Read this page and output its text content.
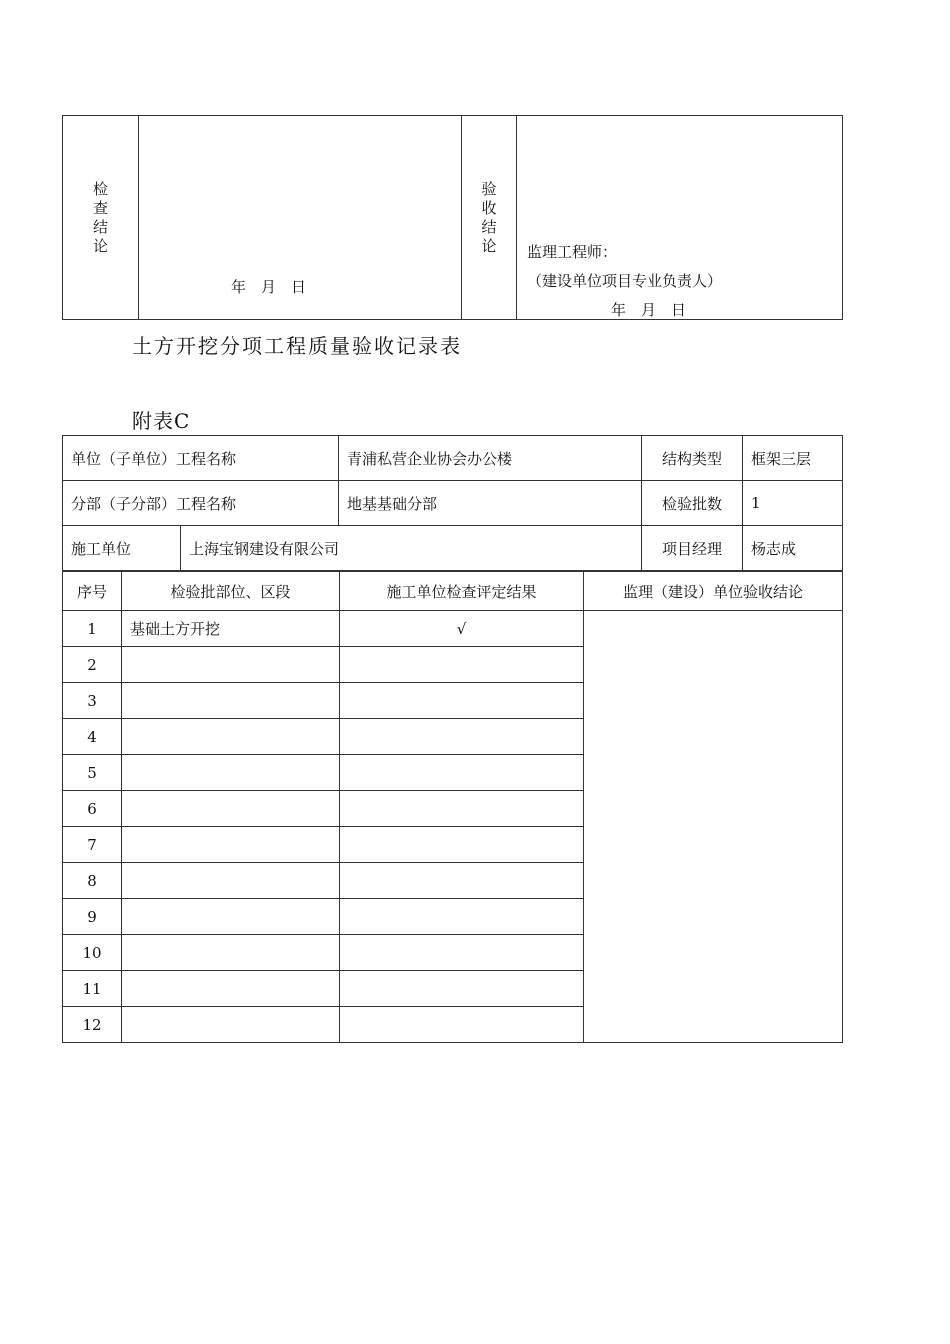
检
查
结
论

年　月　日

验
收
结
论	监理工程师：
（建设单位项目专业负责人）
年　月　日
土方开挖分项工程质量验收记录表
附表C
单位（子单位）工程名称		青浦私营企业协会办公楼	结构类型	框架三层
分部（子分部）工程名称		地基基础分部	检验批数	1
施工单位	上海宝钢建设有限公司		项目经理	杨志成
序号	检验批部位、区段	施工单位检查评定结果	监理（建设）单位验收结论
1	基础土方开挖	√	
2			
3			
4			
5			
6			
7			
8			
9			
10			
11			
12			
